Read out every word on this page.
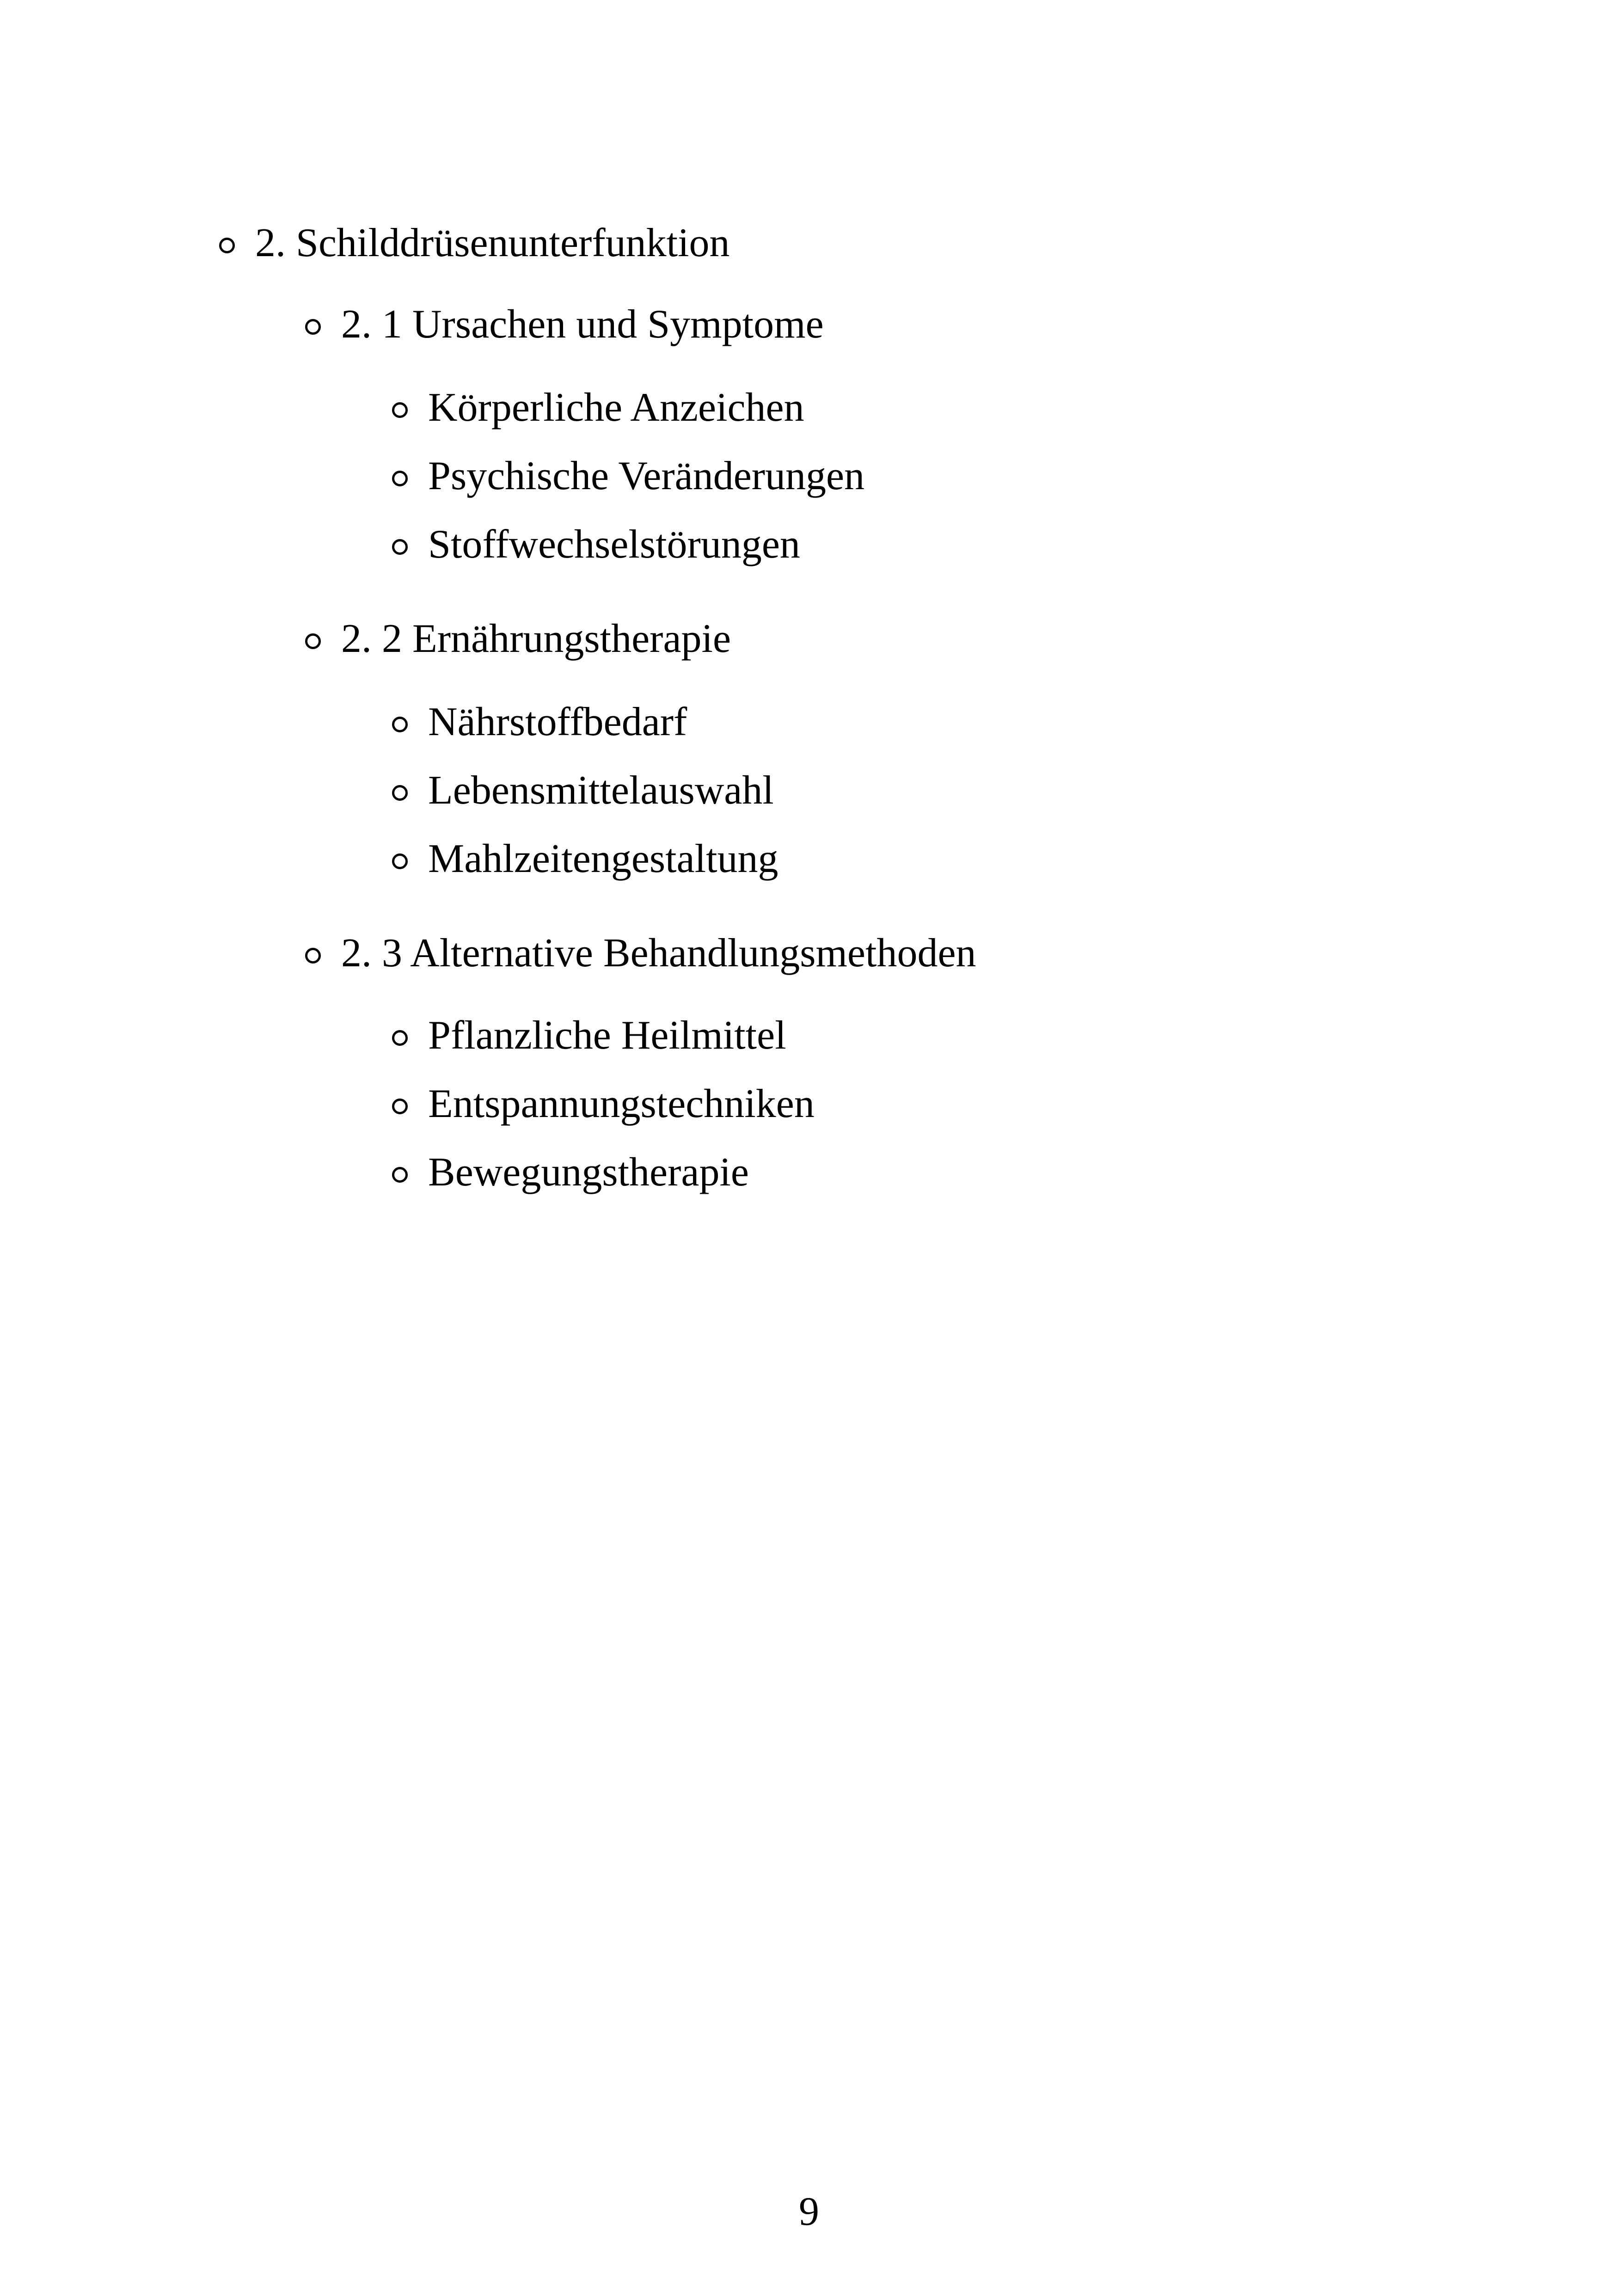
2. Schilddrüsenunterfunktion
2. 1 Ursachen und Symptome
Körperliche Anzeichen
Psychische Veränderungen
Stoffwechselstörungen
2. 2 Ernährungstherapie
Nährstoffbedarf
Lebensmittelauswahl
Mahlzeitengestaltung
2. 3 Alternative Behandlungsmethoden
Pflanzliche Heilmittel
Entspannungstechniken
Bewegungstherapie
9
